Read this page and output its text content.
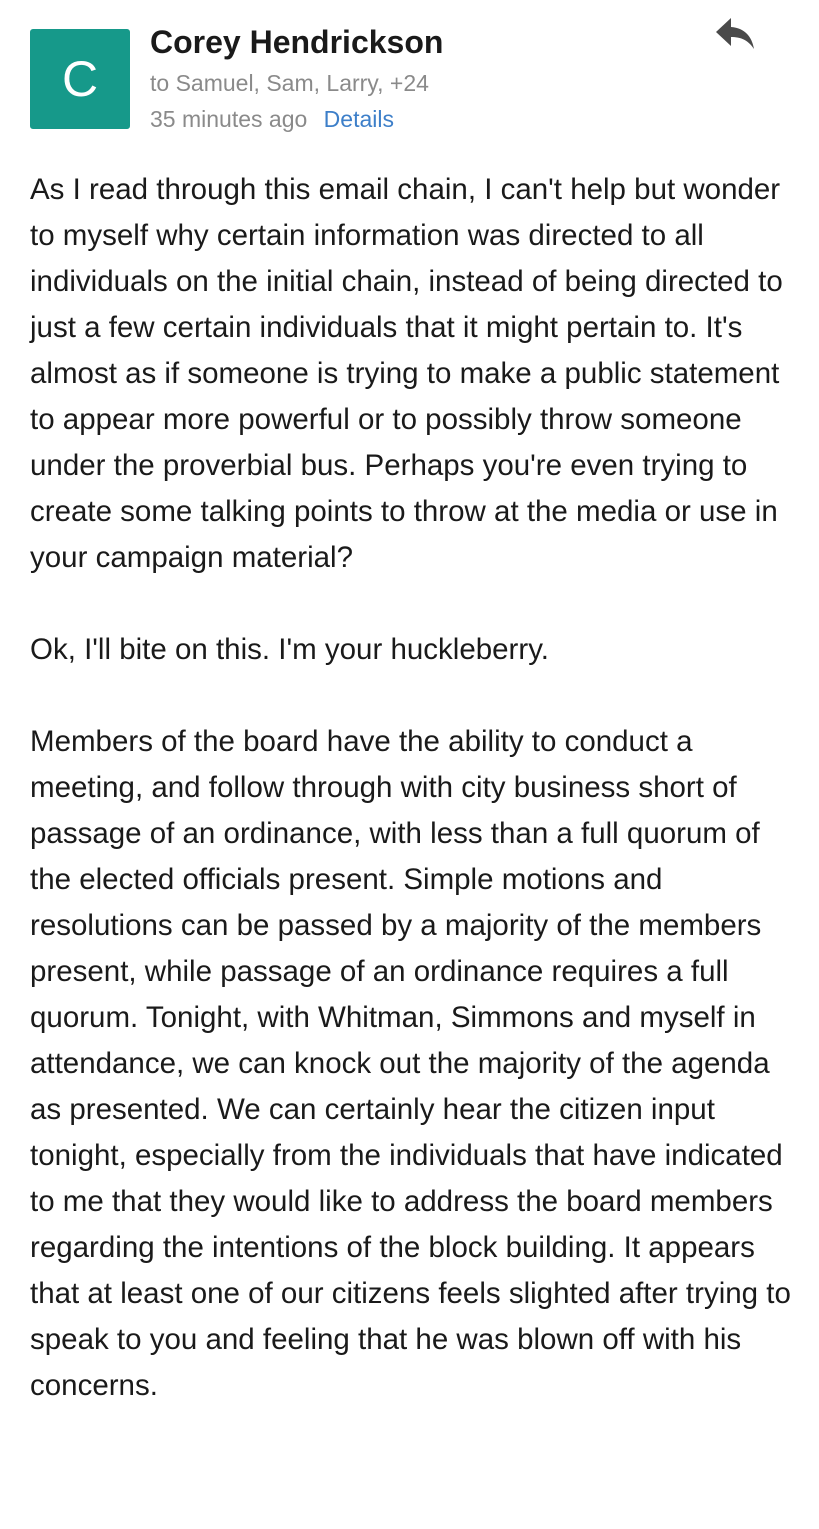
C
Corey Hendrickson
to Samuel, Sam, Larry, +24
35 minutes ago Details

As I read through this email chain, I can't help but wonder to myself why certain information was directed to all individuals on the initial chain, instead of being directed to just a few certain individuals that it might pertain to. It's almost as if someone is trying to make a public statement to appear more powerful or to possibly throw someone under the proverbial bus. Perhaps you're even trying to create some talking points to throw at the media or use in your campaign material?

Ok, I'll bite on this. I'm your huckleberry.

Members of the board have the ability to conduct a meeting, and follow through with city business short of passage of an ordinance, with less than a full quorum of the elected officials present. Simple motions and resolutions can be passed by a majority of the members present, while passage of an ordinance requires a full quorum. Tonight, with Whitman, Simmons and myself in attendance, we can knock out the majority of the agenda as presented. We can certainly hear the citizen input tonight, especially from the individuals that have indicated to me that they would like to address the board members regarding the intentions of the block building. It appears that at least one of our citizens feels slighted after trying to speak to you and feeling that he was blown off with his concerns.
